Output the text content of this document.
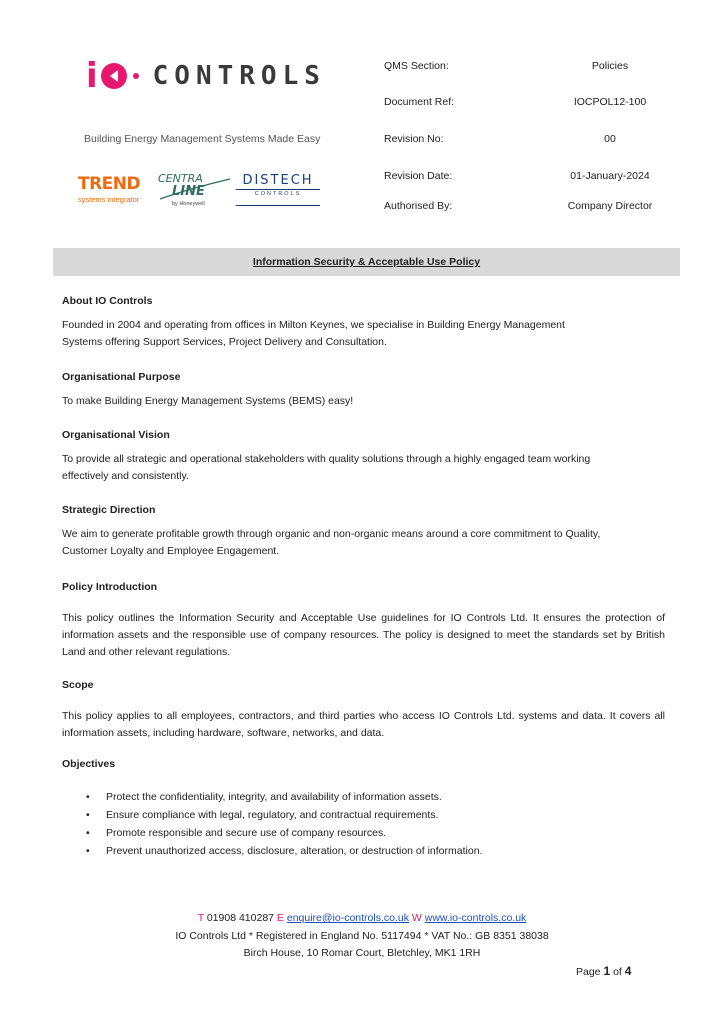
i CONTROLS
Building Energy Management Systems Made Easy
TREND
systems integrator
CENTRA
LINE
by Honeywell
DISTECH
CONTROLS
QMS Section:	Policies
Document Ref:	IOCPOL12-100
Revision No:	00
Revision Date:	01-January-2024
Authorised By:	Company Director
Information Security & Acceptable Use Policy
About IO Controls
Founded in 2004 and operating from offices in Milton Keynes, we specialise in Building Energy Management
Systems offering Support Services, Project Delivery and Consultation.
Organisational Purpose
To make Building Energy Management Systems (BEMS) easy!
Organisational Vision
To provide all strategic and operational stakeholders with quality solutions through a highly engaged team working
effectively and consistently.
Strategic Direction
We aim to generate profitable growth through organic and non-organic means around a core commitment to Quality,
Customer Loyalty and Employee Engagement.
Policy Introduction
This policy outlines the Information Security and Acceptable Use guidelines for IO Controls Ltd. It ensures the protection of information assets and the responsible use of company resources. The policy is designed to meet the standards set by British Land and other relevant regulations.
Scope
This policy applies to all employees, contractors, and third parties who access IO Controls Ltd. systems and data. It covers all information assets, including hardware, software, networks, and data.
Objectives
• Protect the confidentiality, integrity, and availability of information assets.
• Ensure compliance with legal, regulatory, and contractual requirements.
• Promote responsible and secure use of company resources.
• Prevent unauthorized access, disclosure, alteration, or destruction of information.
T 01908 410287 E enquire@io-controls.co.uk W www.io-controls.co.uk
IO Controls Ltd * Registered in England No. 5117494 * VAT No.: GB 8351 38038
Birch House, 10 Romar Court, Bletchley, MK1 1RH
Page 1 of 4
